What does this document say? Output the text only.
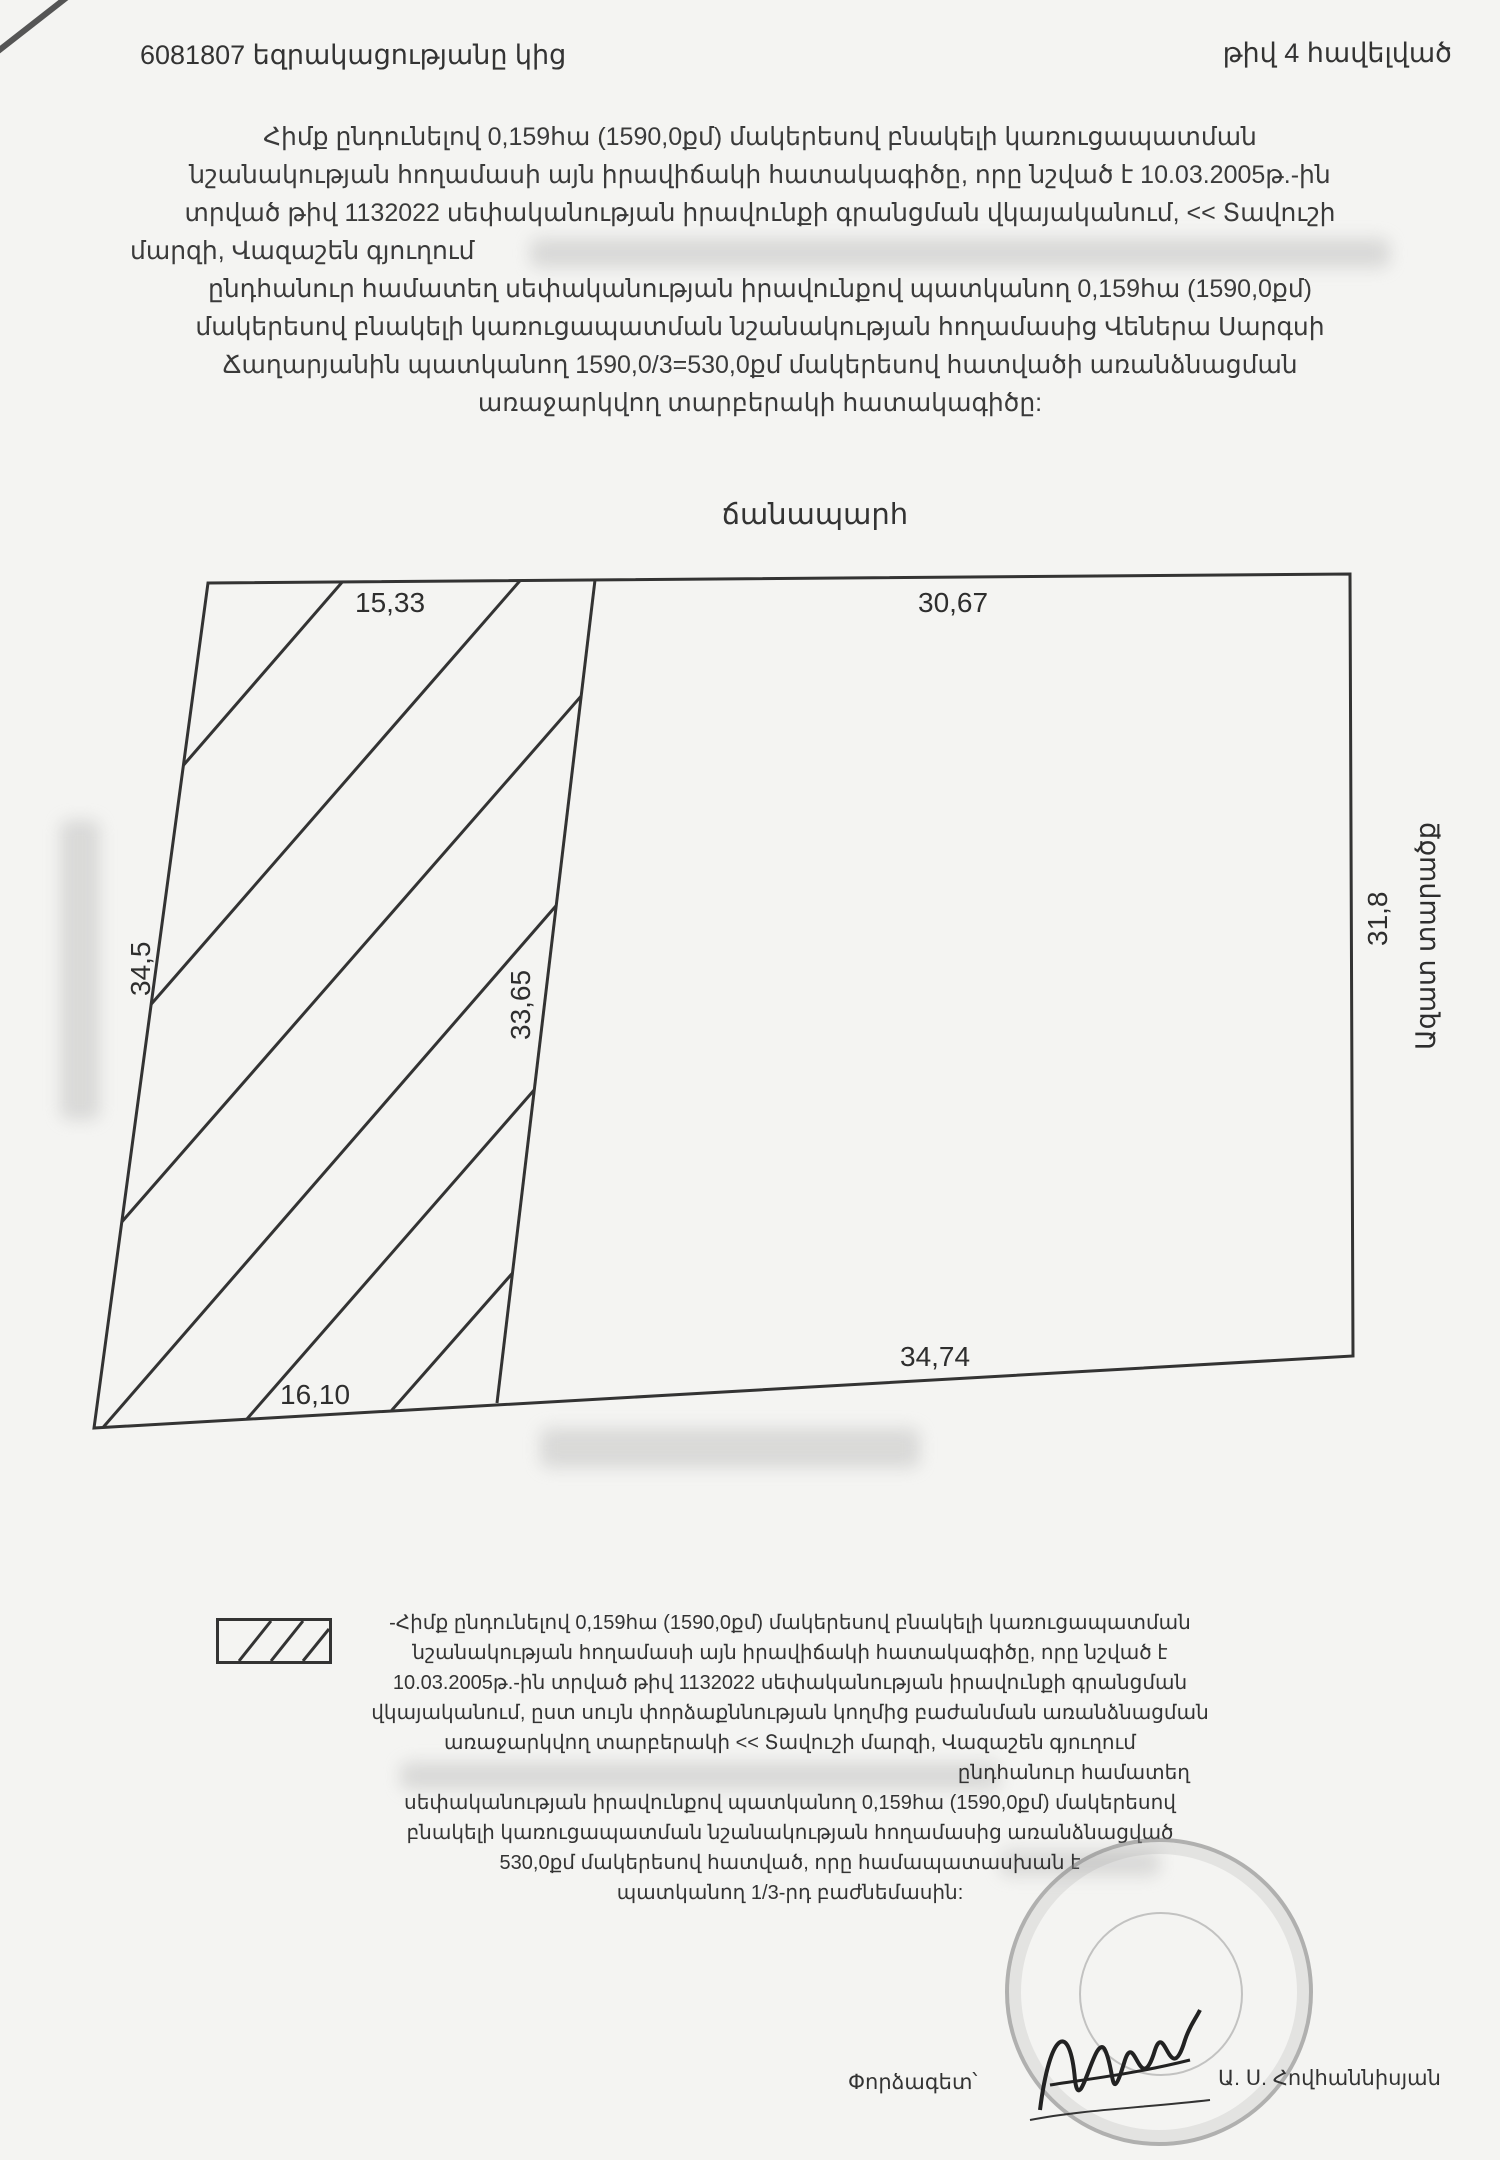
6081807 եզրակացությանը կից	թիվ 4 հավելված
Հիմք ընդունելով 0,159հա (1590,0քմ) մակերեսով բնակելի կառուցապատման
նշանակության հողամասի այն իրավիճակի հատակագիծը, որը նշված է 10.03.2005թ.-ին
տրված թիվ 1132022 սեփականության իրավունքի գրանցման վկայականում, << Տավուշի
մարզի, Վազաշեն գյուղում
ընդհանուր համատեղ սեփականության իրավունքով պատկանող 0,159հա (1590,0քմ)
մակերեսով բնակելի կառուցապատման նշանակության հողամասից Վեներա Սարգսի
Ճաղարյանին պատկանող 1590,0/3=530,0քմ մակերեսով հատվածի առանձնացման
առաջարկվող տարբերակի հատակագիծը:
ճանապարհ
15,33	30,67
34,5
33,65
31,8
16,10
34,74
Ազատ տարածք
-Հիմք ընդունելով 0,159հա (1590,0քմ) մակերեսով բնակելի կառուցապատման
նշանակության հողամասի այն իրավիճակի հատակագիծը, որը նշված է
10.03.2005թ.-ին տրված թիվ 1132022 սեփականության իրավունքի գրանցման
վկայականում, ըստ սույն փորձաքննության կողմից բաժանման առանձնացման
առաջարկվող տարբերակի << Տավուշի մարզի, Վազաշեն գյուղում
ընդհանուր համատեղ
սեփականության իրավունքով պատկանող 0,159հա (1590,0քմ) մակերեսով
բնակելի կառուցապատման նշանակության հողամասից առանձնացված
530,0քմ մակերեսով հատված, որը համապատասխան է
պատկանող 1/3-րդ բաժնեմասին:
Փորձագետ՝	Ա. Ս. Հովհաննիսյան
